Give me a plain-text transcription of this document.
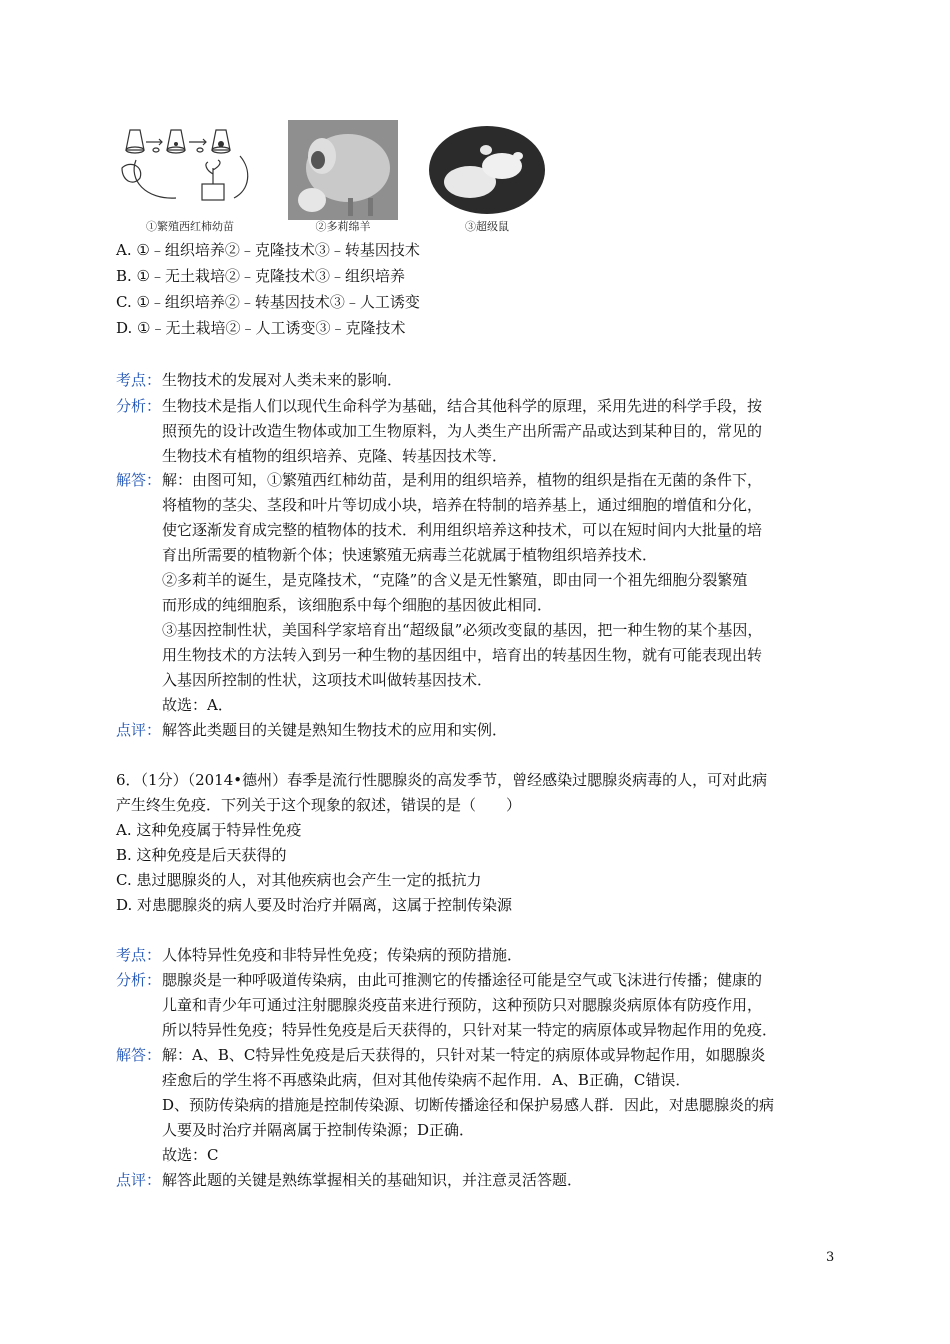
①繁殖西红柿幼苗	②多莉绵羊	③超级鼠
A. ①﹣组织培养②﹣克隆技术③﹣转基因技术
B. ①﹣无土栽培②﹣克隆技术③﹣组织培养
C. ①﹣组织培养②﹣转基因技术③﹣人工诱变
D. ①﹣无土栽培②﹣人工诱变③﹣克隆技术
考点： 生物技术的发展对人类未来的影响．
分析： 生物技术是指人们以现代生命科学为基础，结合其他科学的原理，采用先进的科学手段，按
照预先的设计改造生物体或加工生物原料，为人类生产出所需产品或达到某种目的，常见的
生物技术有植物的组织培养、克隆、转基因技术等．
解答： 解：由图可知，①繁殖西红柿幼苗，是利用的组织培养，植物的组织是指在无菌的条件下，
将植物的茎尖、茎段和叶片等切成小块，培养在特制的培养基上，通过细胞的增值和分化，
使它逐渐发育成完整的植物体的技术．利用组织培养这种技术，可以在短时间内大批量的培
育出所需要的植物新个体；快速繁殖无病毒兰花就属于植物组织培养技术．
②多莉羊的诞生，是克隆技术，“克隆”的含义是无性繁殖，即由同一个祖先细胞分裂繁殖
而形成的纯细胞系，该细胞系中每个细胞的基因彼此相同．
③基因控制性状，美国科学家培育出“超级鼠”必须改变鼠的基因，把一种生物的某个基因，
用生物技术的方法转入到另一种生物的基因组中，培育出的转基因生物，就有可能表现出转
入基因所控制的性状，这项技术叫做转基因技术．
故选：A．
点评： 解答此类题目的关键是熟知生物技术的应用和实例．
6．（1分）（2014•德州）春季是流行性腮腺炎的高发季节，曾经感染过腮腺炎病毒的人，可对此病
产生终生免疫．下列关于这个现象的叙述，错误的是（　　）
A. 这种免疫属于特异性免疫
B. 这种免疫是后天获得的
C. 患过腮腺炎的人，对其他疾病也会产生一定的抵抗力
D. 对患腮腺炎的病人要及时治疗并隔离，这属于控制传染源
考点： 人体特异性免疫和非特异性免疫；传染病的预防措施．
分析： 腮腺炎是一种呼吸道传染病，由此可推测它的传播途径可能是空气或飞沫进行传播；健康的
儿童和青少年可通过注射腮腺炎疫苗来进行预防，这种预防只对腮腺炎病原体有防疫作用，
所以特异性免疫；特异性免疫是后天获得的，只针对某一特定的病原体或异物起作用的免疫．
解答： 解：A、B、C特异性免疫是后天获得的，只针对某一特定的病原体或异物起作用，如腮腺炎
痊愈后的学生将不再感染此病，但对其他传染病不起作用．A、B正确，C错误．
D、预防传染病的措施是控制传染源、切断传播途径和保护易感人群．因此，对患腮腺炎的病
人要及时治疗并隔离属于控制传染源；D正确．
故选：C
点评： 解答此题的关键是熟练掌握相关的基础知识，并注意灵活答题．
3
